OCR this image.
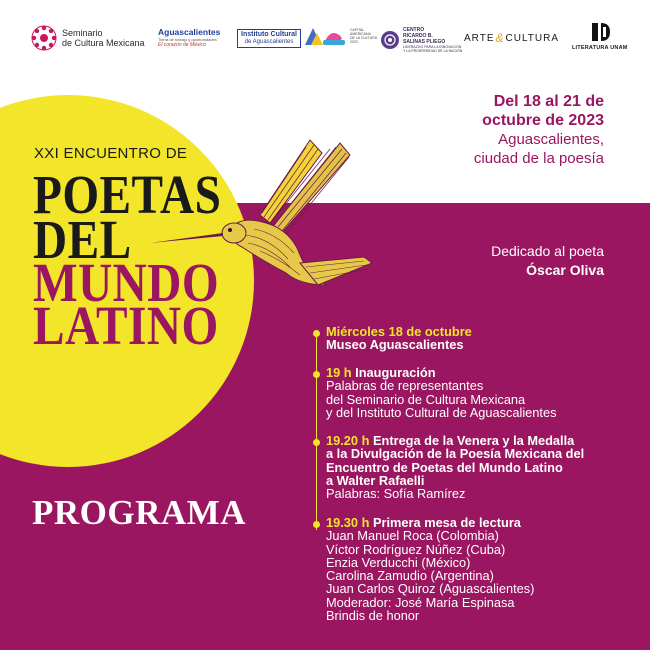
Seminario
de Cultura Mexicana
Aguascalientes
Tierra de trabajo y oportunidades
El corazón de México
Instituto Cultural
de Aguascalientes
CAPITAL
AMERICANA
DE LA CULTURA
2023
CENTRO
RICARDO B.
SALINAS PLIEGO
LIDERAZGO PARA LA INNOVACIÓN
Y LA PROSPERIDAD DE LA NACIÓN
ARTE & CULTURA
LITERATURA UNAM
Del 18 al 21 de
octubre de 2023
Aguascalientes,
ciudad de la poesía
XXI ENCUENTRO DE
POETAS
DEL
MUNDO
LATINO
Dedicado al poeta
Óscar Oliva
PROGRAMA
Miércoles 18 de octubre
Museo Aguascalientes
19 h Inauguración
Palabras de representantes
del Seminario de Cultura Mexicana
y del Instituto Cultural de Aguascalientes
19.20 h Entrega de la Venera y la Medalla
a la Divulgación de la Poesía Mexicana del
Encuentro de Poetas del Mundo Latino
a Walter Rafaelli
Palabras: Sofía Ramírez
19.30 h Primera mesa de lectura
Juan Manuel Roca (Colombia)
Víctor Rodríguez Núñez (Cuba)
Enzia Verducchi (México)
Carolina Zamudio (Argentina)
Juan Carlos Quiroz (Aguascalientes)
Moderador: José María Espinasa
Brindis de honor
